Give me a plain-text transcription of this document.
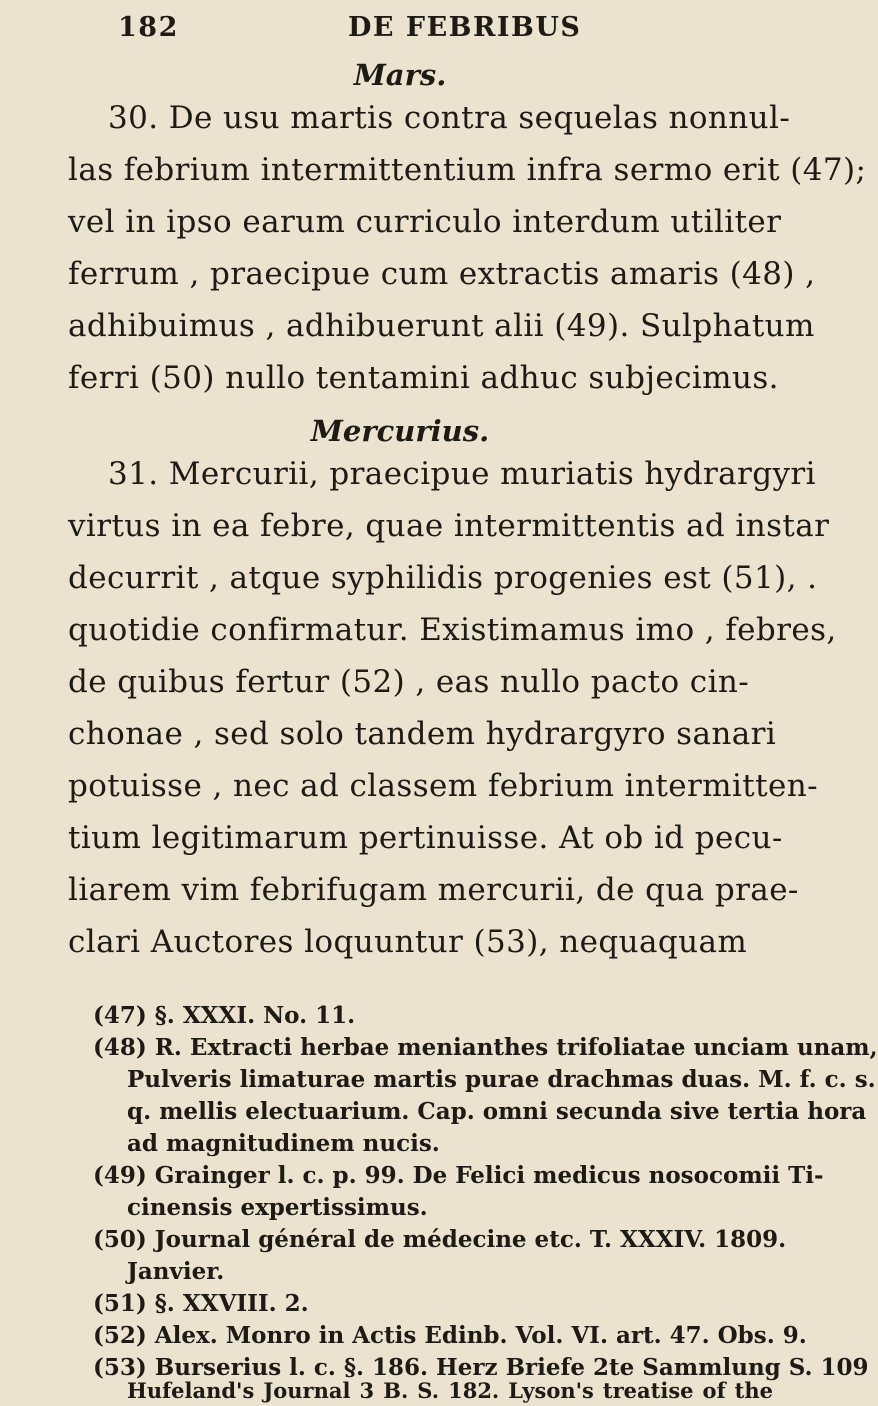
182	DE FEBRIBUS
Mars.
30. De usu martis contra sequelas nonnul-
las febrium intermittentium infra sermo erit (47);
vel in ipso earum curriculo interdum utiliter
ferrum , praecipue cum extractis amaris (48) ,
adhibuimus , adhibuerunt alii (49). Sulphatum
ferri (50) nullo tentamini adhuc subjecimus.
Mercurius.
31. Mercurii, praecipue muriatis hydrargyri
virtus in ea febre, quae intermittentis ad instar
decurrit , atque syphilidis progenies est (51), .
quotidie confirmatur. Existimamus imo , febres,
de quibus fertur (52) , eas nullo pacto cin-
chonae , sed solo tandem hydrargyro sanari
potuisse , nec ad classem febrium intermitten-
tium legitimarum pertinuisse. At ob id pecu-
liarem vim febrifugam mercurii, de qua prae-
clari Auctores loquuntur (53), nequaquam
(47) §. XXXI. No. 11.
(48) R. Extracti herbae menianthes trifoliatae unciam unam,
Pulveris limaturae martis purae drachmas duas. M. f. c. s.
q. mellis electuarium. Cap. omni secunda sive tertia hora
ad magnitudinem nucis.
(49) Grainger l. c. p. 99. De Felici medicus nosocomii Ti-
cinensis expertissimus.
(50) Journal général de médecine etc. T. XXXIV. 1809.
Janvier.
(51) §. XXVIII. 2.
(52) Alex. Monro in Actis Edinb. Vol. VI. art. 47. Obs. 9.
(53) Burserius l. c. §. 186. Herz Briefe 2te Sammlung S. 109
Hufeland's Journal 3 B. S. 182. Lyson's treatise of the
